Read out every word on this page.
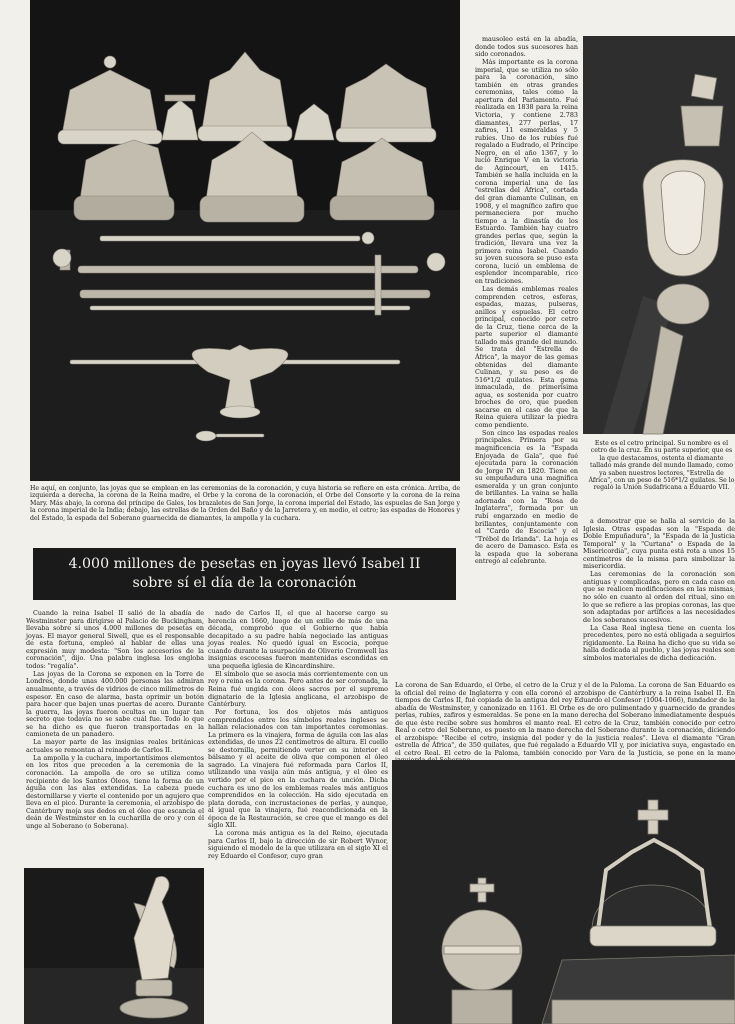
He aquí, en conjunto, las joyas que se emplean en las ceremonias de la coronación, y cuya historia se refiere en esta crónica. Arriba, de izquierda a derecha, la corona de la Reina madre, el Orbe y la corona de la coronación, el Orbe del Consorte y la corona de la reina Mary. Más abajo, la corona del príncipe de Gales, los brazaletes de San Jorge, la corona imperial del Estado, las espuelas de San Jorge y la corona imperial de la India; debajo, las estrellas de la Orden del Baño y de la Jarretera y, en medio, el cetro; las espadas de Honores y del Estado, la espada del Soberano guarnecida de diamantes, la ampolla y la cuchara.
4.000 millones de pesetas en joyas llevó Isabel II
sobre sí el día de la coronación

mausoleo está en la abadía, donde todos sus sucesores han sido coronados.

Más importante es la corona imperial, que se utiliza no sólo para la coronación, sino también en otras grandes ceremonias, tales como la apertura del Parlamento. Fué realizada en 1838 para la reina Victoria, y contiene 2.783 diamantes, 277 perlas, 17 zafiros, 11 esmeraldas y 5 rubíes. Uno de los rubíes fué regalado a Eudrado, el Príncipe Negro, en el año 1367, y lo lució Enrique V en la victoria de Agincourt, en 1415. También se halla incluida en la corona imperial una de las "estrellas del África", cortada del gran diamante Culinan, en 1908, y el magnífico zafiro que permaneciera por mucho tiempo a la dinastía de los Estuardo. También hay cuatro grandes perlas que, según la tradición, llevara una vez la primera reina Isabel. Cuando su joven sucesora se puso esta corona, lució un emblema de esplendor incomparable, rico en tradiciones.

Las demás emblemas reales comprenden cetros, esferas, espadas, mazas, pulseras, anillos y espuelas. El cetro principal, conocido por cetro de la Cruz, tiene cerca de la parte superior el diamante tallado más grande del mundo. Se trata del "Estrella de África", la mayor de las gemas obtenidas del diamante Culinan, y su peso es de 516*1/2 quilates. Esta gema inmaculada, de primerísima agua, es sostenida por cuatro broches de oro, que pueden sacarse en el caso de que la Reina quiera utilizar la piedra como pendiente.

Son cinco las espadas reales principales. Primera por su magnificencia es la "Espada Enjoyada de Gala", que fué ejecutada para la coronación de Jorge IV en 1820. Tiene en su empuñadura una magnífica esmeralda y un gran conjunto de brillantes. La vaina se halla adornada con la "Rosa de Inglaterra", formada por un rubí engarzado en medio de brillantes, conjuntamente con el "Cardo de Escocia" y el "Trébol de Irlanda". La hoja es de acero de Damasco. Esta es la espada que la soberana entregó al celebrante.

Este es el cetro principal. Su nombre es el cetro de la cruz. En su parte superior, que es la que destacamos, ostenta el diamante tallado más grande del mundo llamado, como ya saben nuestros lectores, "Estrella de África", con un peso de 516*1/2 quilates. Se lo regaló la Unión Sudafricana a Eduardo VII.

a demostrar que se halla al servicio de la Iglesia. Otras espadas son la "Espada de Doble Empuñadura", la "Espada de la Justicia Temporal" y la "Curtana" o Espada de la Misericordia", cuya punta está rota a unos 15 centímetros de la misma para simbolizar la misericordia.

Las ceremonias de la coronación son antiguas y complicadas, pero en cada caso en que se realicen modificaciones en las mismas, no sólo en cuanto al orden del ritual, sino en lo que se refiere a las propias coronas, las que son adaptadas por artífices a las necesidades de los soberanos sucesivos.

La Casa Real inglesa tiene en cuenta los precedentes, pero no está obligada a seguirlos rígidamente. La Reina ha dicho que su vida se halla dedicada al pueblo, y las joyas reales son símbolos materiales de dicha dedicación.

Cuando la reina Isabel II salió de la abadía de Westminster para dirigirse al Palacio de Buckingham, llevaba sobre sí unos 4.000 millones de pesetas en joyas. El mayor general Siwell, que es el responsable de esta fortuna, empleó al hablar de ellas una expresión muy modesta: "Son los accesorios de la coronación", dijo. Una palabra inglesa los engloba todos: "regalía".

Las joyas de la Corona se exponen en la Torre de Londres, donde unas 400.000 personas las admiran anualmente, a través de vidrios de cinco milímetros de espesor. En caso de alarma, basta oprimir un botón para hacer que bajen unas puertas de acero. Durante la guerra, las joyas fueron ocultas en un lugar tan secreto que todavía no se sabe cuál fue. Todo lo que se ha dicho es que fueron transportadas en la camioneta de un panadero.

La mayor parte de las insignias reales británicas actuales se remontan al reinado de Carlos II.

La ampolla y la cuchara, importantísimos elementos en los ritos que preceden a la ceremonia de la coronación. La ampolla de oro se utiliza como recipiente de los Santos Óleos, tiene la forma de un águila con las alas extendidas. La cabeza puede destornillarse y vierte el contenido por un agujero que lleva en el pico. Durante la ceremonia, el arzobispo de Cantérbury moja sus dedos en el óleo que escancia el deán de Westminster en la cucharilla de oro y con él unge al Soberano (o Soberana).

nado de Carlos II, el que al hacerse cargo su herencia en 1660, luego de un exilio de más de una década, comprobó que el Gobierno que había decapitado a su padre había negociado las antiguas joyas reales. No quedó igual en Escocia, porque cuando durante la usurpación de Oliverio Cromwell las insignias escocesas fueron mantenidas escondidas en una pequeña iglesia de Kincardinshire.

El símbolo que se asocia más corrientemente con un rey o reina es la corona. Pero antes de ser coronada, la Reina fué ungida con óleos sacros por el supremo dignatario de la Iglesia anglicana, el arzobispo de Cantérbury.

Por fortuna, los dos objetos más antiguos comprendidos entre los símbolos reales ingleses se hallan relacionados con tan importantes ceremonias. La primera es la vinajera, forma de águila con las alas extendidas, de unos 22 centímetros de altura. El cuello se destornilla, permitiendo verter en su interior el bálsamo y el aceite de oliva que componen el óleo sagrado. La vinajera fué reformada para Carlos II, utilizando una vasija aún más antigua, y el óleo es vertido por el pico en la cuchara de unción. Dicha cuchara es uno de los emblemas reales más antiguos comprendidos en la colección. Ha sido ejecutada en plata dorada, con incrustaciones de perlas, y aunque, al igual que la vinajera, fué reacondicionada en la época de la Restauración, se cree que el mango es del siglo XII.

La corona más antigua es la del Reino, ejecutada para Carlos II, bajo la dirección de sir Robert Wynor, siguiendo el modelo de la que utilizara en el siglo XI el rey Eduardo el Confesor, cuyo gran

La corona de San Eduardo, el Orbe, el cetro de la Cruz y el de la Paloma. La corona de San Eduardo es la oficial del reino de Inglaterra y con ella coronó el arzobispo de Cantérbury a la reina Isabel II. En tiempos de Carlos II, fué copiada de la antigua del rey Eduardo el Confesor (1004-1066), fundador de la abadía de Westminster, y canonizado en 1161. El Orbe es de oro pulimentado y guarnecido de grandes perlas, rubíes, zafiros y esmeraldas. Se pone en la mano derecha del Soberano inmediatamente después de que éste recibe sobre sus hombros el manto real. El cetro de la Cruz, también conocido por cetro Real o cetro del Soberano, es puesto en la mano derecha del Soberano durante la coronación, diciendo el arzobispo: "Recibe el cetro, insignia del poder y de la justicia reales". Lleva el diamante "Gran estrella de África", de 350 quilates, que fué regalado a Eduardo VII y, por iniciativa suya, engastado en el cetro Real. El cetro de la Paloma, también conocido por Vara de la Justicia, se pone en la mano
